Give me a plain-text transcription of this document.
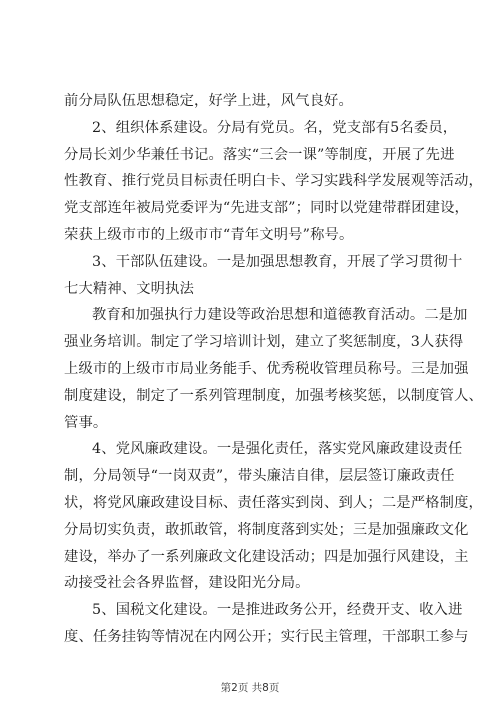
前分局队伍思想稳定，好学上进，风气良好。
2、组织体系建设。分局有党员。名，党支部有5名委员，
分局长刘少华兼任书记。落实“三会一课”等制度，开展了先进
性教育、推行党员目标责任明白卡、学习实践科学发展观等活动，
党支部连年被局党委评为“先进支部”；同时以党建带群团建设，
荣获上级市市的上级市市“青年文明号”称号。
3、干部队伍建设。一是加强思想教育，开展了学习贯彻十
七大精神、文明执法
教育和加强执行力建设等政治思想和道德教育活动。二是加
强业务培训。制定了学习培训计划，建立了奖惩制度，3人获得
上级市的上级市市局业务能手、优秀税收管理员称号。三是加强
制度建设，制定了一系列管理制度，加强考核奖惩，以制度管人、
管事。
4、党风廉政建设。一是强化责任，落实党风廉政建设责任
制，分局领导“一岗双责”，带头廉洁自律，层层签订廉政责任
状，将党风廉政建设目标、责任落实到岗、到人；二是严格制度，
分局切实负责，敢抓敢管，将制度落到实处；三是加强廉政文化
建设，举办了一系列廉政文化建设活动；四是加强行风建设，主
动接受社会各界监督，建设阳光分局。
5、国税文化建设。一是推进政务公开，经费开支、收入进
度、任务挂钩等情况在内网公开；实行民主管理，干部职工参与
第2页 共8页
